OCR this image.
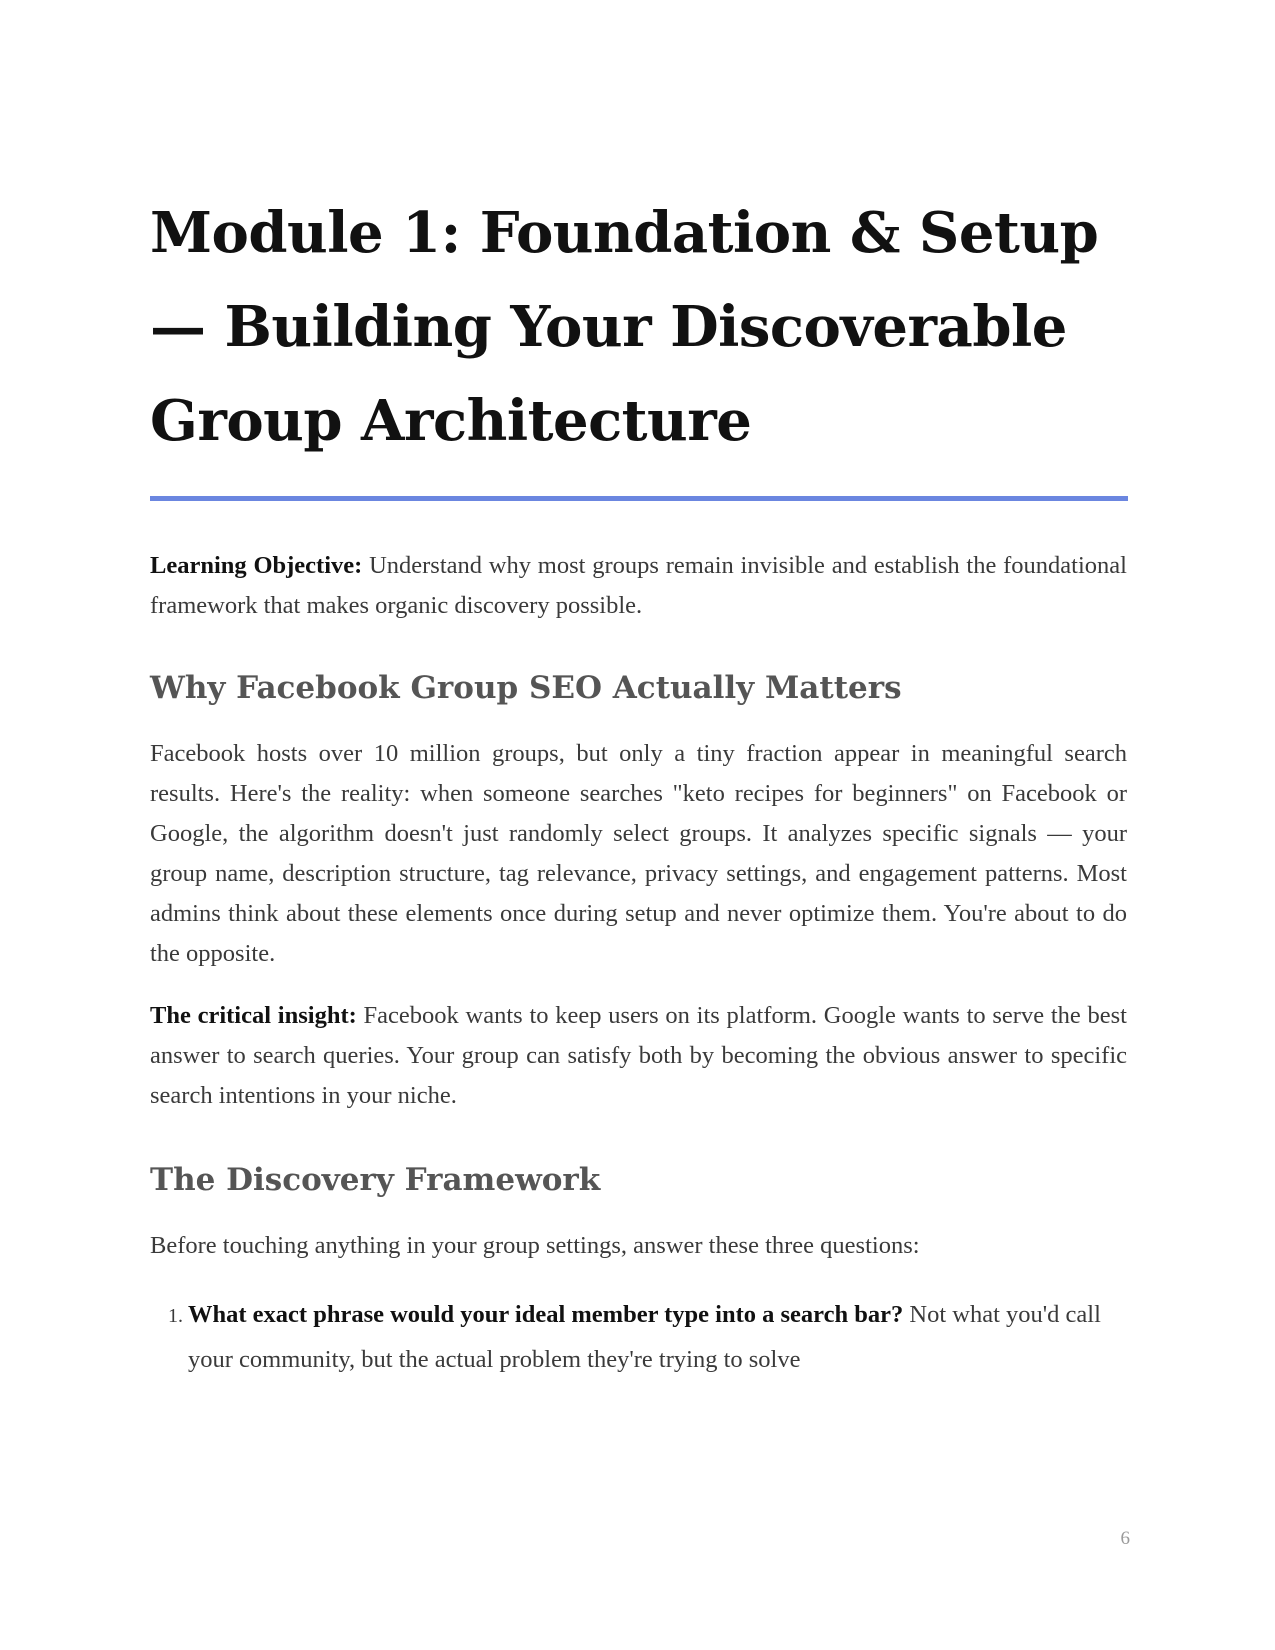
Module 1: Foundation & Setup — Building Your Discoverable Group Architecture

Learning Objective: Understand why most groups remain invisible and establish the foundational framework that makes organic discovery possible.

Why Facebook Group SEO Actually Matters

Facebook hosts over 10 million groups, but only a tiny fraction appear in meaningful search results. Here's the reality: when someone searches "keto recipes for beginners" on Facebook or Google, the algorithm doesn't just randomly select groups. It analyzes specific signals — your group name, description structure, tag relevance, privacy settings, and engagement patterns. Most admins think about these elements once during setup and never optimize them. You're about to do the opposite.

The critical insight: Facebook wants to keep users on its platform. Google wants to serve the best answer to search queries. Your group can satisfy both by becoming the obvious answer to specific search intentions in your niche.

The Discovery Framework

Before touching anything in your group settings, answer these three questions:

1. What exact phrase would your ideal member type into a search bar? Not what you'd call your community, but the actual problem they're trying to solve
6
